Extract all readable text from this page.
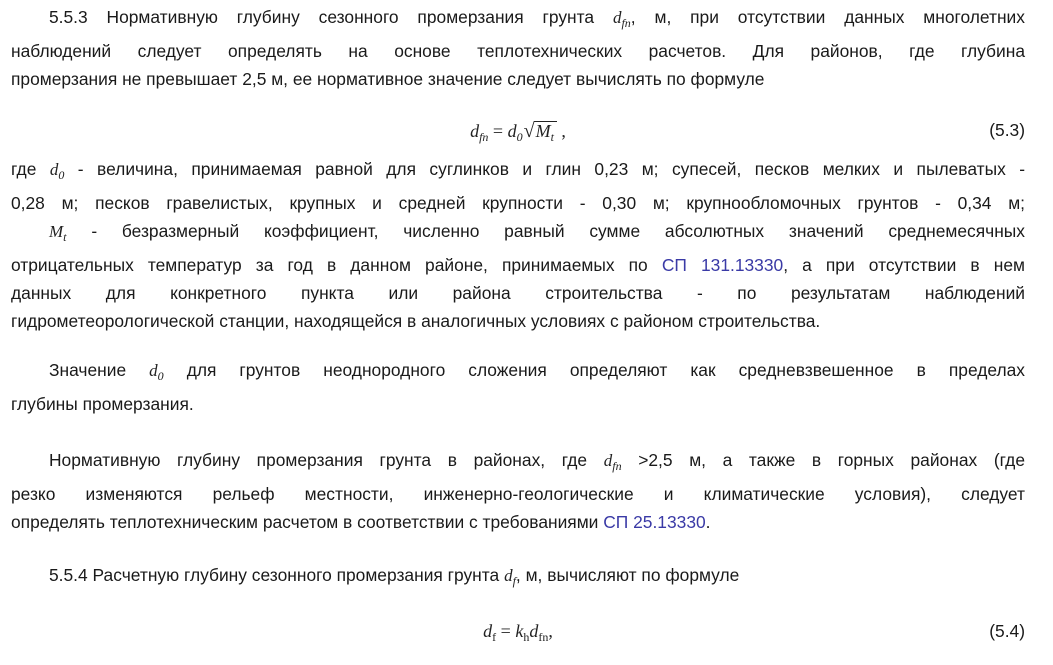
5.5.3 Нормативную глубину сезонного промерзания грунта $d_{fn}$, м, при отсутствии данных многолетних
наблюдений следует определять на основе теплотехнических расчетов. Для районов, где глубина
промерзания не превышает 2,5 м, ее нормативное значение следует вычислять по формуле
$d_{fn} = d_0√M_t$ ,	(5.3)
где $d_0$ - величина, принимаемая равной для суглинков и глин 0,23 м; супесей, песков мелких и пылеватых -
0,28 м; песков гравелистых, крупных и средней крупности - 0,30 м; крупнообломочных грунтов - 0,34 м;
$M_t$ - безразмерный коэффициент, численно равный сумме абсолютных значений среднемесячных
отрицательных температур за год в данном районе, принимаемых по СП 131.13330, а при отсутствии в нем
данных для конкретного пункта или района строительства - по результатам наблюдений
гидрометеорологической станции, находящейся в аналогичных условиях с районом строительства.
Значение $d_0$ для грунтов неоднородного сложения определяют как средневзвешенное в пределах
глубины промерзания.
Нормативную глубину промерзания грунта в районах, где $d_{fn} >2,5$ м, а также в горных районах (где
резко изменяются рельеф местности, инженерно-геологические и климатические условия), следует
определять теплотехническим расчетом в соответствии с требованиями СП 25.13330.
5.5.4 Расчетную глубину сезонного промерзания грунта $d_f$, м, вычисляют по формуле
$d_f = k_hd_{fn}$,	(5.4)
